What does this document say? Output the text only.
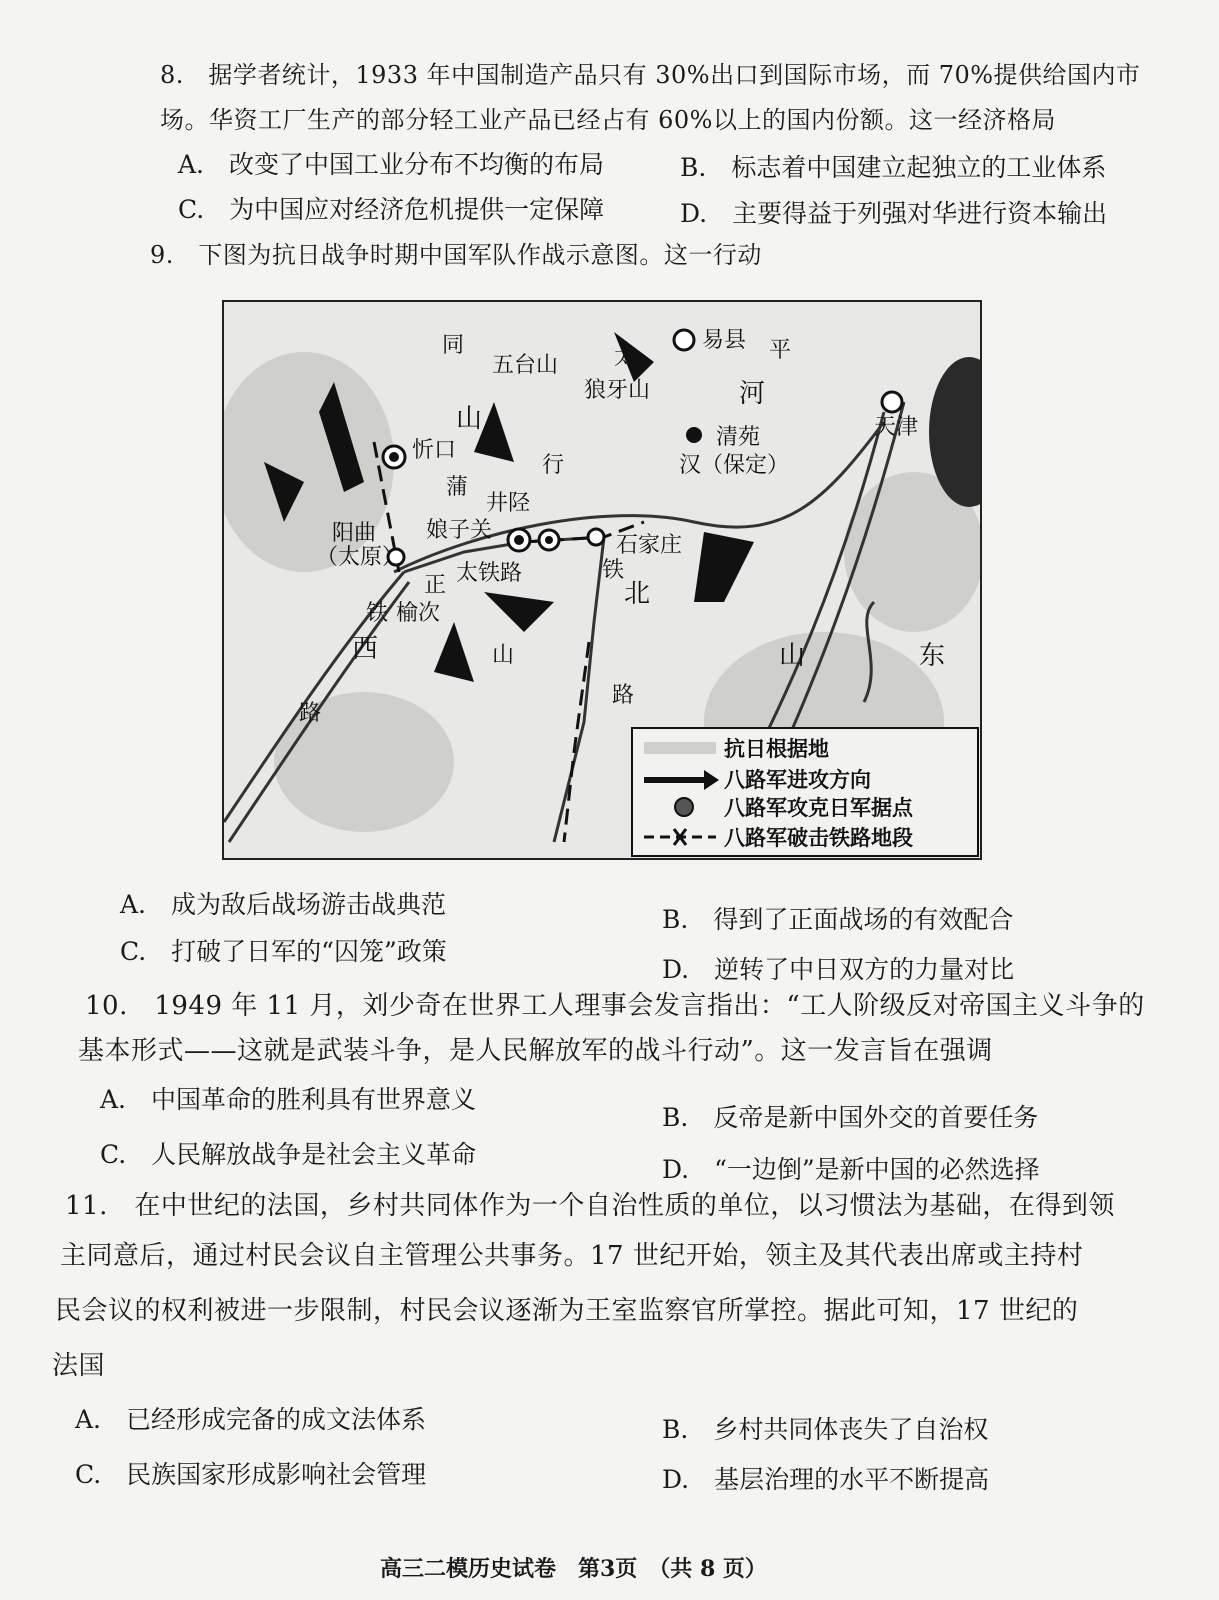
8.　据学者统计，1933 年中国制造产品只有 30%出口到国际市场，而 70%提供给国内市
场。华资工厂生产的部分轻工业产品已经占有 60%以上的国内份额。这一经济格局
A.　改变了中国工业分布不均衡的布局	B.　标志着中国建立起独立的工业体系
C.　为中国应对经济危机提供一定保障	D.　主要得益于列强对华进行资本输出
9.　下图为抗日战争时期中国军队作战示意图。这一行动
同
五台山	太
易县 平
狼牙山	河
山
忻口
清苑
汉（保定）
天津
行
蒲
井陉
娘子关
石家庄
阳曲
（太原）
正 太铁路	铁
北
榆次
铁
西	山	山	东
路
路
抗日根据地
八路军进攻方向
八路军攻克日军据点
八路军破击铁路地段
A.　成为敌后战场游击战典范
B.　得到了正面战场的有效配合
C.　打破了日军的“囚笼”政策
D.　逆转了中日双方的力量对比
10.　1949 年 11 月，刘少奇在世界工人理事会发言指出：“工人阶级反对帝国主义斗争的
基本形式——这就是武装斗争，是人民解放军的战斗行动”。这一发言旨在强调
A.　中国革命的胜利具有世界意义
B.　反帝是新中国外交的首要任务
C.　人民解放战争是社会主义革命
D.　“一边倒”是新中国的必然选择
11.　在中世纪的法国，乡村共同体作为一个自治性质的单位，以习惯法为基础，在得到领
主同意后，通过村民会议自主管理公共事务。17 世纪开始，领主及其代表出席或主持村
民会议的权利被进一步限制，村民会议逐渐为王室监察官所掌控。据此可知，17 世纪的
法国
A.　已经形成完备的成文法体系	B.　乡村共同体丧失了自治权
C.　民族国家形成影响社会管理	D.　基层治理的水平不断提高
高三二模历史试卷　第3页　（共 8 页）
